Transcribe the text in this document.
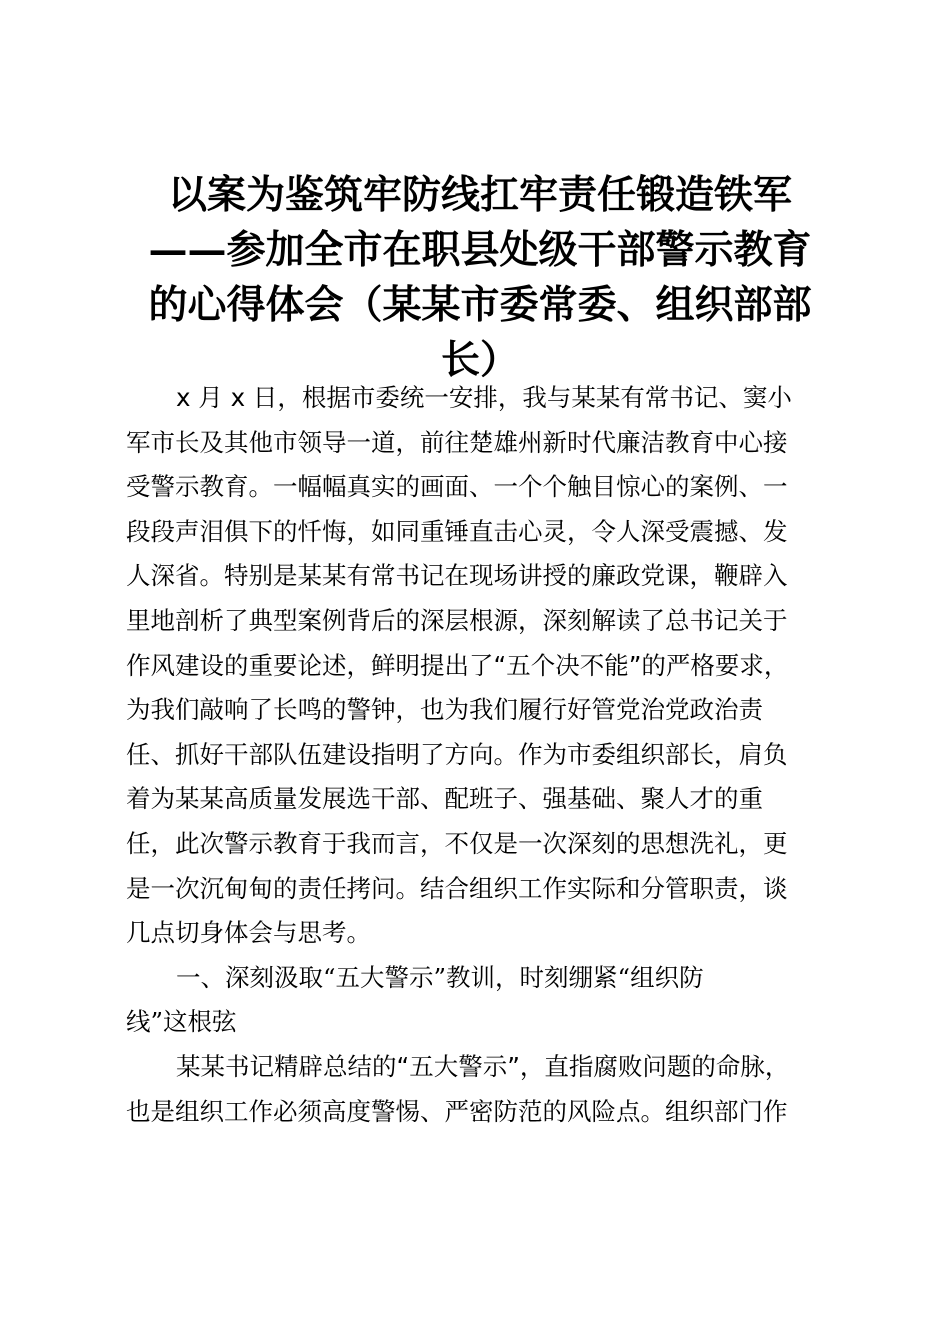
以案为鉴筑牢防线扛牢责任锻造铁军
——参加全市在职县处级干部警示教育
的心得体会（某某市委常委、组织部部
长）

x 月 x 日，根据市委统一安排，我与某某有常书记、窦小
军市长及其他市领导一道，前往楚雄州新时代廉洁教育中心接
受警示教育。一幅幅真实的画面、一个个触目惊心的案例、一
段段声泪俱下的忏悔，如同重锤直击心灵，令人深受震撼、发
人深省。特别是某某有常书记在现场讲授的廉政党课，鞭辟入
里地剖析了典型案例背后的深层根源，深刻解读了总书记关于
作风建设的重要论述，鲜明提出了“五个决不能”的严格要求，
为我们敲响了长鸣的警钟，也为我们履行好管党治党政治责
任、抓好干部队伍建设指明了方向。作为市委组织部长，肩负
着为某某高质量发展选干部、配班子、强基础、聚人才的重
任，此次警示教育于我而言，不仅是一次深刻的思想洗礼，更
是一次沉甸甸的责任拷问。结合组织工作实际和分管职责，谈
几点切身体会与思考。

一、深刻汲取“五大警示”教训，时刻绷紧“组织防
线”这根弦

某某书记精辟总结的“五大警示”，直指腐败问题的命脉，
也是组织工作必须高度警惕、严密防范的风险点。组织部门作
